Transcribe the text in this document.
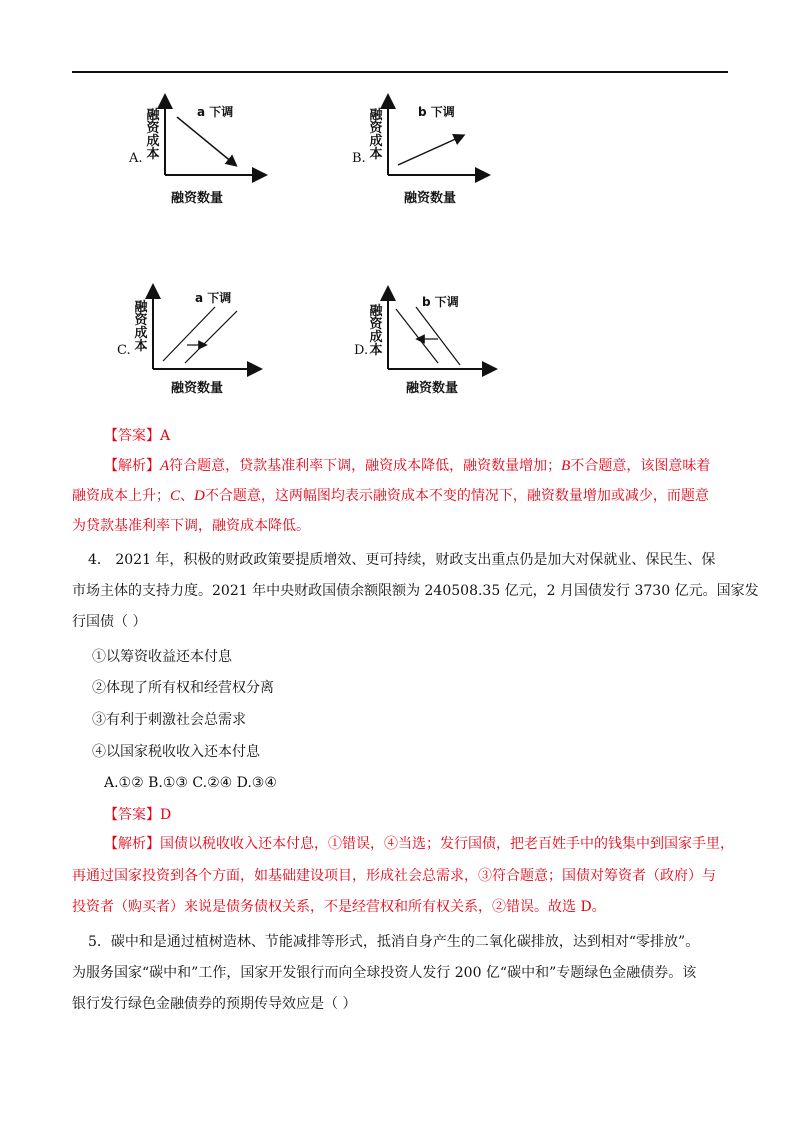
A.
融资成本
a 下调
融资数量
B.
融资成本
b 下调
融资数量
C.
融资成本
a 下调
融资数量
D.
融资成本
b 下调
融资数量
【答案】A
【解析】A符合题意，贷款基准利率下调，融资成本降低，融资数量增加；B不合题意，该图意味着
融资成本上升；C、D不合题意，这两幅图均表示融资成本不变的情况下，融资数量增加或减少，而题意
为贷款基准利率下调，融资成本降低。
4． 2021 年，积极的财政政策要提质增效、更可持续，财政支出重点仍是加大对保就业、保民生、保
市场主体的支持力度。2021 年中央财政国债余额限额为 240508.35 亿元，2 月国债发行 3730 亿元。国家发
行国债（ ）
①以筹资收益还本付息
②体现了所有权和经营权分离
③有利于刺激社会总需求
④以国家税收收入还本付息
A.①② B.①③ C.②④ D.③④
【答案】D
【解析】国债以税收收入还本付息，①错误，④当选；发行国债，把老百姓手中的钱集中到国家手里，
再通过国家投资到各个方面，如基础建设项目，形成社会总需求，③符合题意；国债对筹资者（政府）与
投资者（购买者）来说是债务债权关系，不是经营权和所有权关系，②错误。故选 D。
5．碳中和是通过植树造林、节能减排等形式，抵消自身产生的二氧化碳排放，达到相对“零排放”。
为服务国家“碳中和”工作，国家开发银行而向全球投资人发行 200 亿“碳中和”专题绿色金融债券。该
银行发行绿色金融债券的预期传导效应是（ ）
